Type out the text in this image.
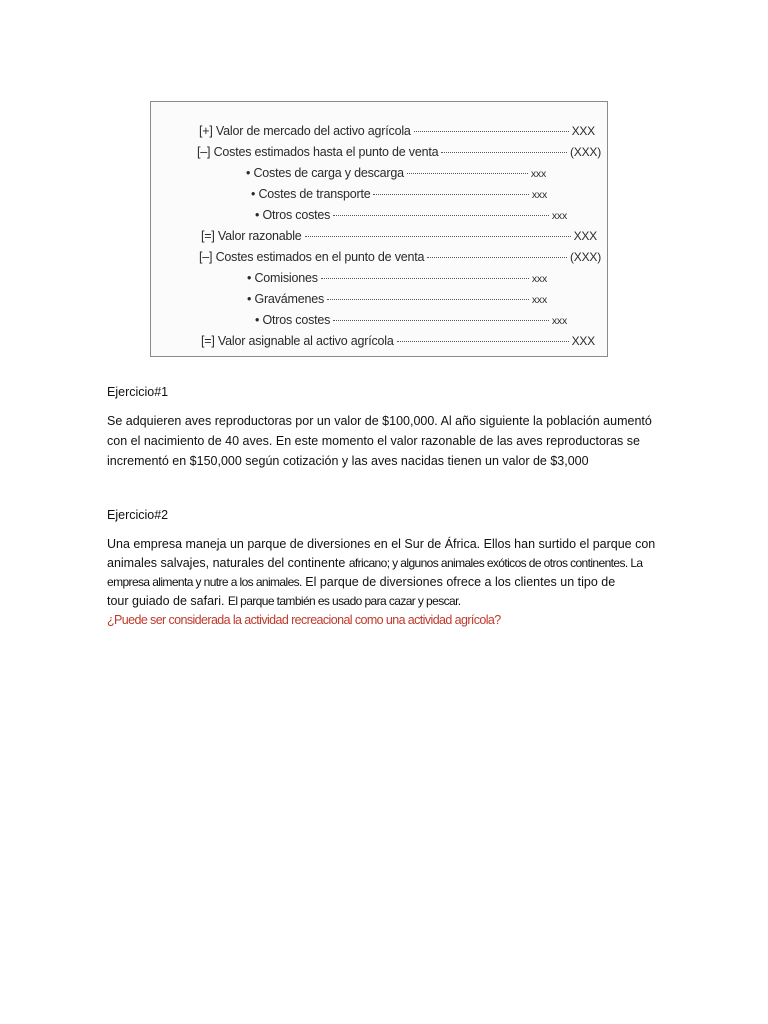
[+] Valor de mercado del activo agrícola	XXX
[–] Costes estimados hasta el punto de venta	(XXX)
• Costes de carga y descarga	xxx
• Costes de transporte	xxx
• Otros costes	xxx
[=] Valor razonable	XXX
[–] Costes estimados en el punto de venta	(XXX)
• Comisiones	xxx
• Gravámenes	xxx
• Otros costes	xxx
[=] Valor asignable al activo agrícola	XXX
Ejercicio#1
Se adquieren aves reproductoras por un valor de $100,000. Al año siguiente la población aumentó
con el nacimiento de 40 aves. En este momento el valor razonable de las aves reproductoras se
incrementó en $150,000 según cotización y las aves nacidas tienen un valor de $3,000
Ejercicio#2
Una empresa maneja un parque de diversiones en el Sur de África. Ellos han surtido el parque con
animales salvajes, naturales del continente africano; y algunos animales exóticos de otros continentes. La
empresa alimenta y nutre a los animales. El parque de diversiones ofrece a los clientes un tipo de
tour guiado de safari. El parque también es usado para cazar y pescar.
¿Puede ser considerada la actividad recreacional como una actividad agrícola?
